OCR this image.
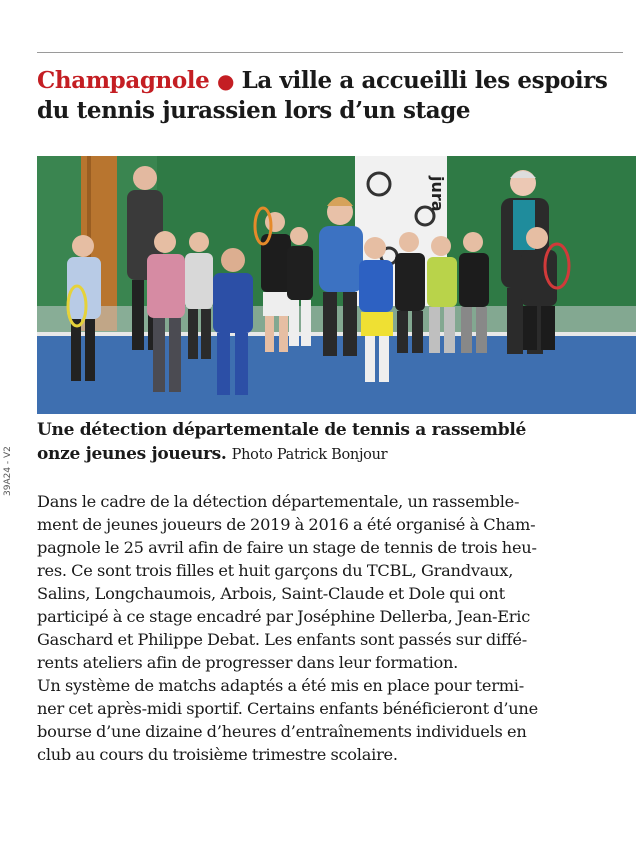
Champagnole ● La ville a accueilli les espoirs
du tennis jurassien lors d’un stage
jura
39A24 - V2

Une détection départementale de tennis a rassemblé
onze jeunes joueurs. Photo Patrick Bonjour

Dans le cadre de la détection départementale, un rassemble-
ment de jeunes joueurs de 2019 à 2016 a été organisé à Cham-
pagnole le 25 avril afin de faire un stage de tennis de trois heu-
res. Ce sont trois filles et huit garçons du TCBL, Grandvaux,
Salins, Longchaumois, Arbois, Saint-Claude et Dole qui ont
participé à ce stage encadré par Joséphine Dellerba, Jean-Eric
Gaschard et Philippe Debat. Les enfants sont passés sur diffé-
rents ateliers afin de progresser dans leur formation.
Un système de matchs adaptés a été mis en place pour termi-
ner cet après-midi sportif. Certains enfants bénéficieront d’une
bourse d’une dizaine d’heures d’entraînements individuels en
club au cours du troisième trimestre scolaire.
